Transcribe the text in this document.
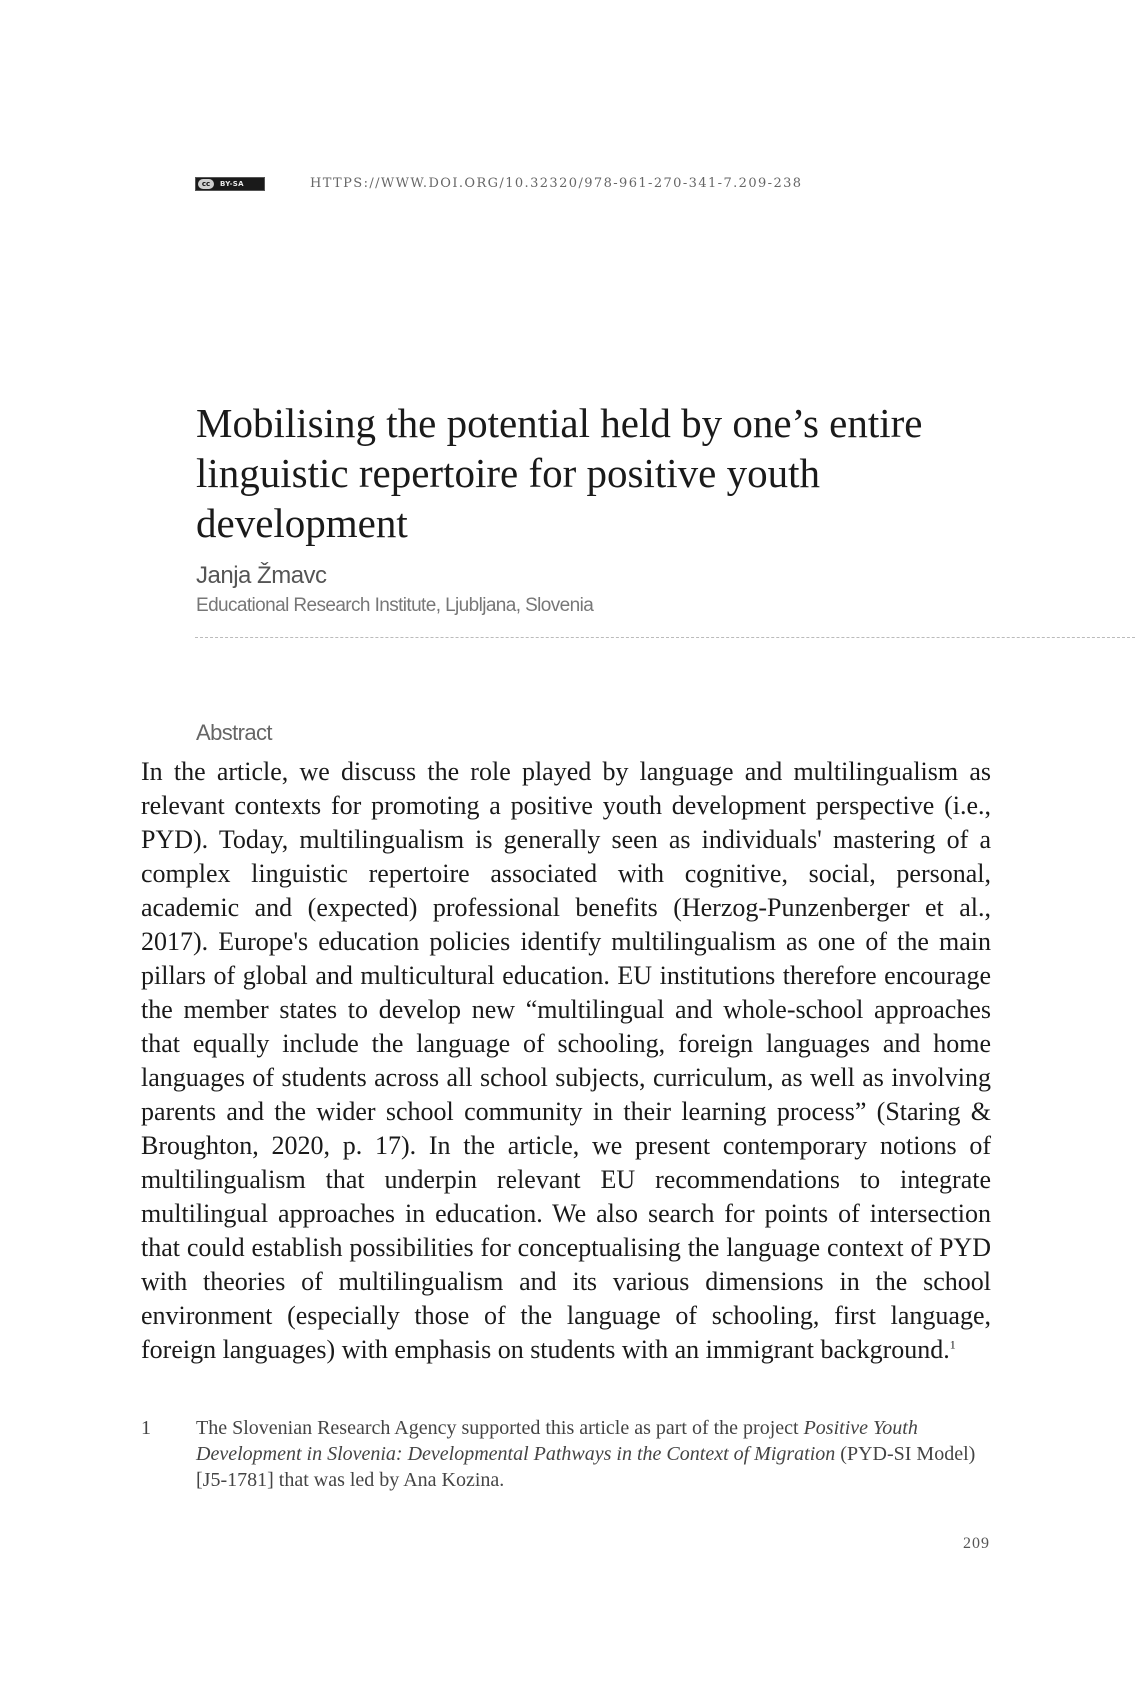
cc	BY-SA	HTTPS://WWW.DOI.ORG/10.32320/978-961-270-341-7.209-238
Mobilising the potential held by one’s entire linguistic repertoire for positive youth development
Janja Žmavc
Educational Research Institute, Ljubljana, Slovenia
Abstract

In the article, we discuss the role played by language and multilingualism as relevant contexts for promoting a positive youth development perspective (i.e., PYD). Today, multilingualism is generally seen as individuals' mastering of a complex linguistic repertoire associated with cognitive, social, personal, academic and (expected) professional benefits (Herzog-Punzenberger et al., 2017). Europe's education policies identify multilingualism as one of the main pillars of global and multicultural education. EU institutions therefore encourage the member states to develop new “multilingual and whole-school approaches that equally include the language of schooling, foreign languages and home languages of students across all school subjects, curriculum, as well as involving parents and the wider school community in their learning process” (Staring & Broughton, 2020, p. 17). In the article, we present contemporary notions of multilingualism that underpin relevant EU recommendations to integrate multilingual approaches in education. We also search for points of intersection that could establish possibilities for conceptualising the language context of PYD with theories of multilingualism and its various dimensions in the school environment (especially those of the language of schooling, first language, foreign languages) with emphasis on students with an immigrant background.$^1$

1 The Slovenian Research Agency supported this article as part of the project Positive Youth Development in Slovenia: Developmental Pathways in the Context of Migration (PYD-SI Model) [J5-1781] that was led by Ana Kozina.
209
